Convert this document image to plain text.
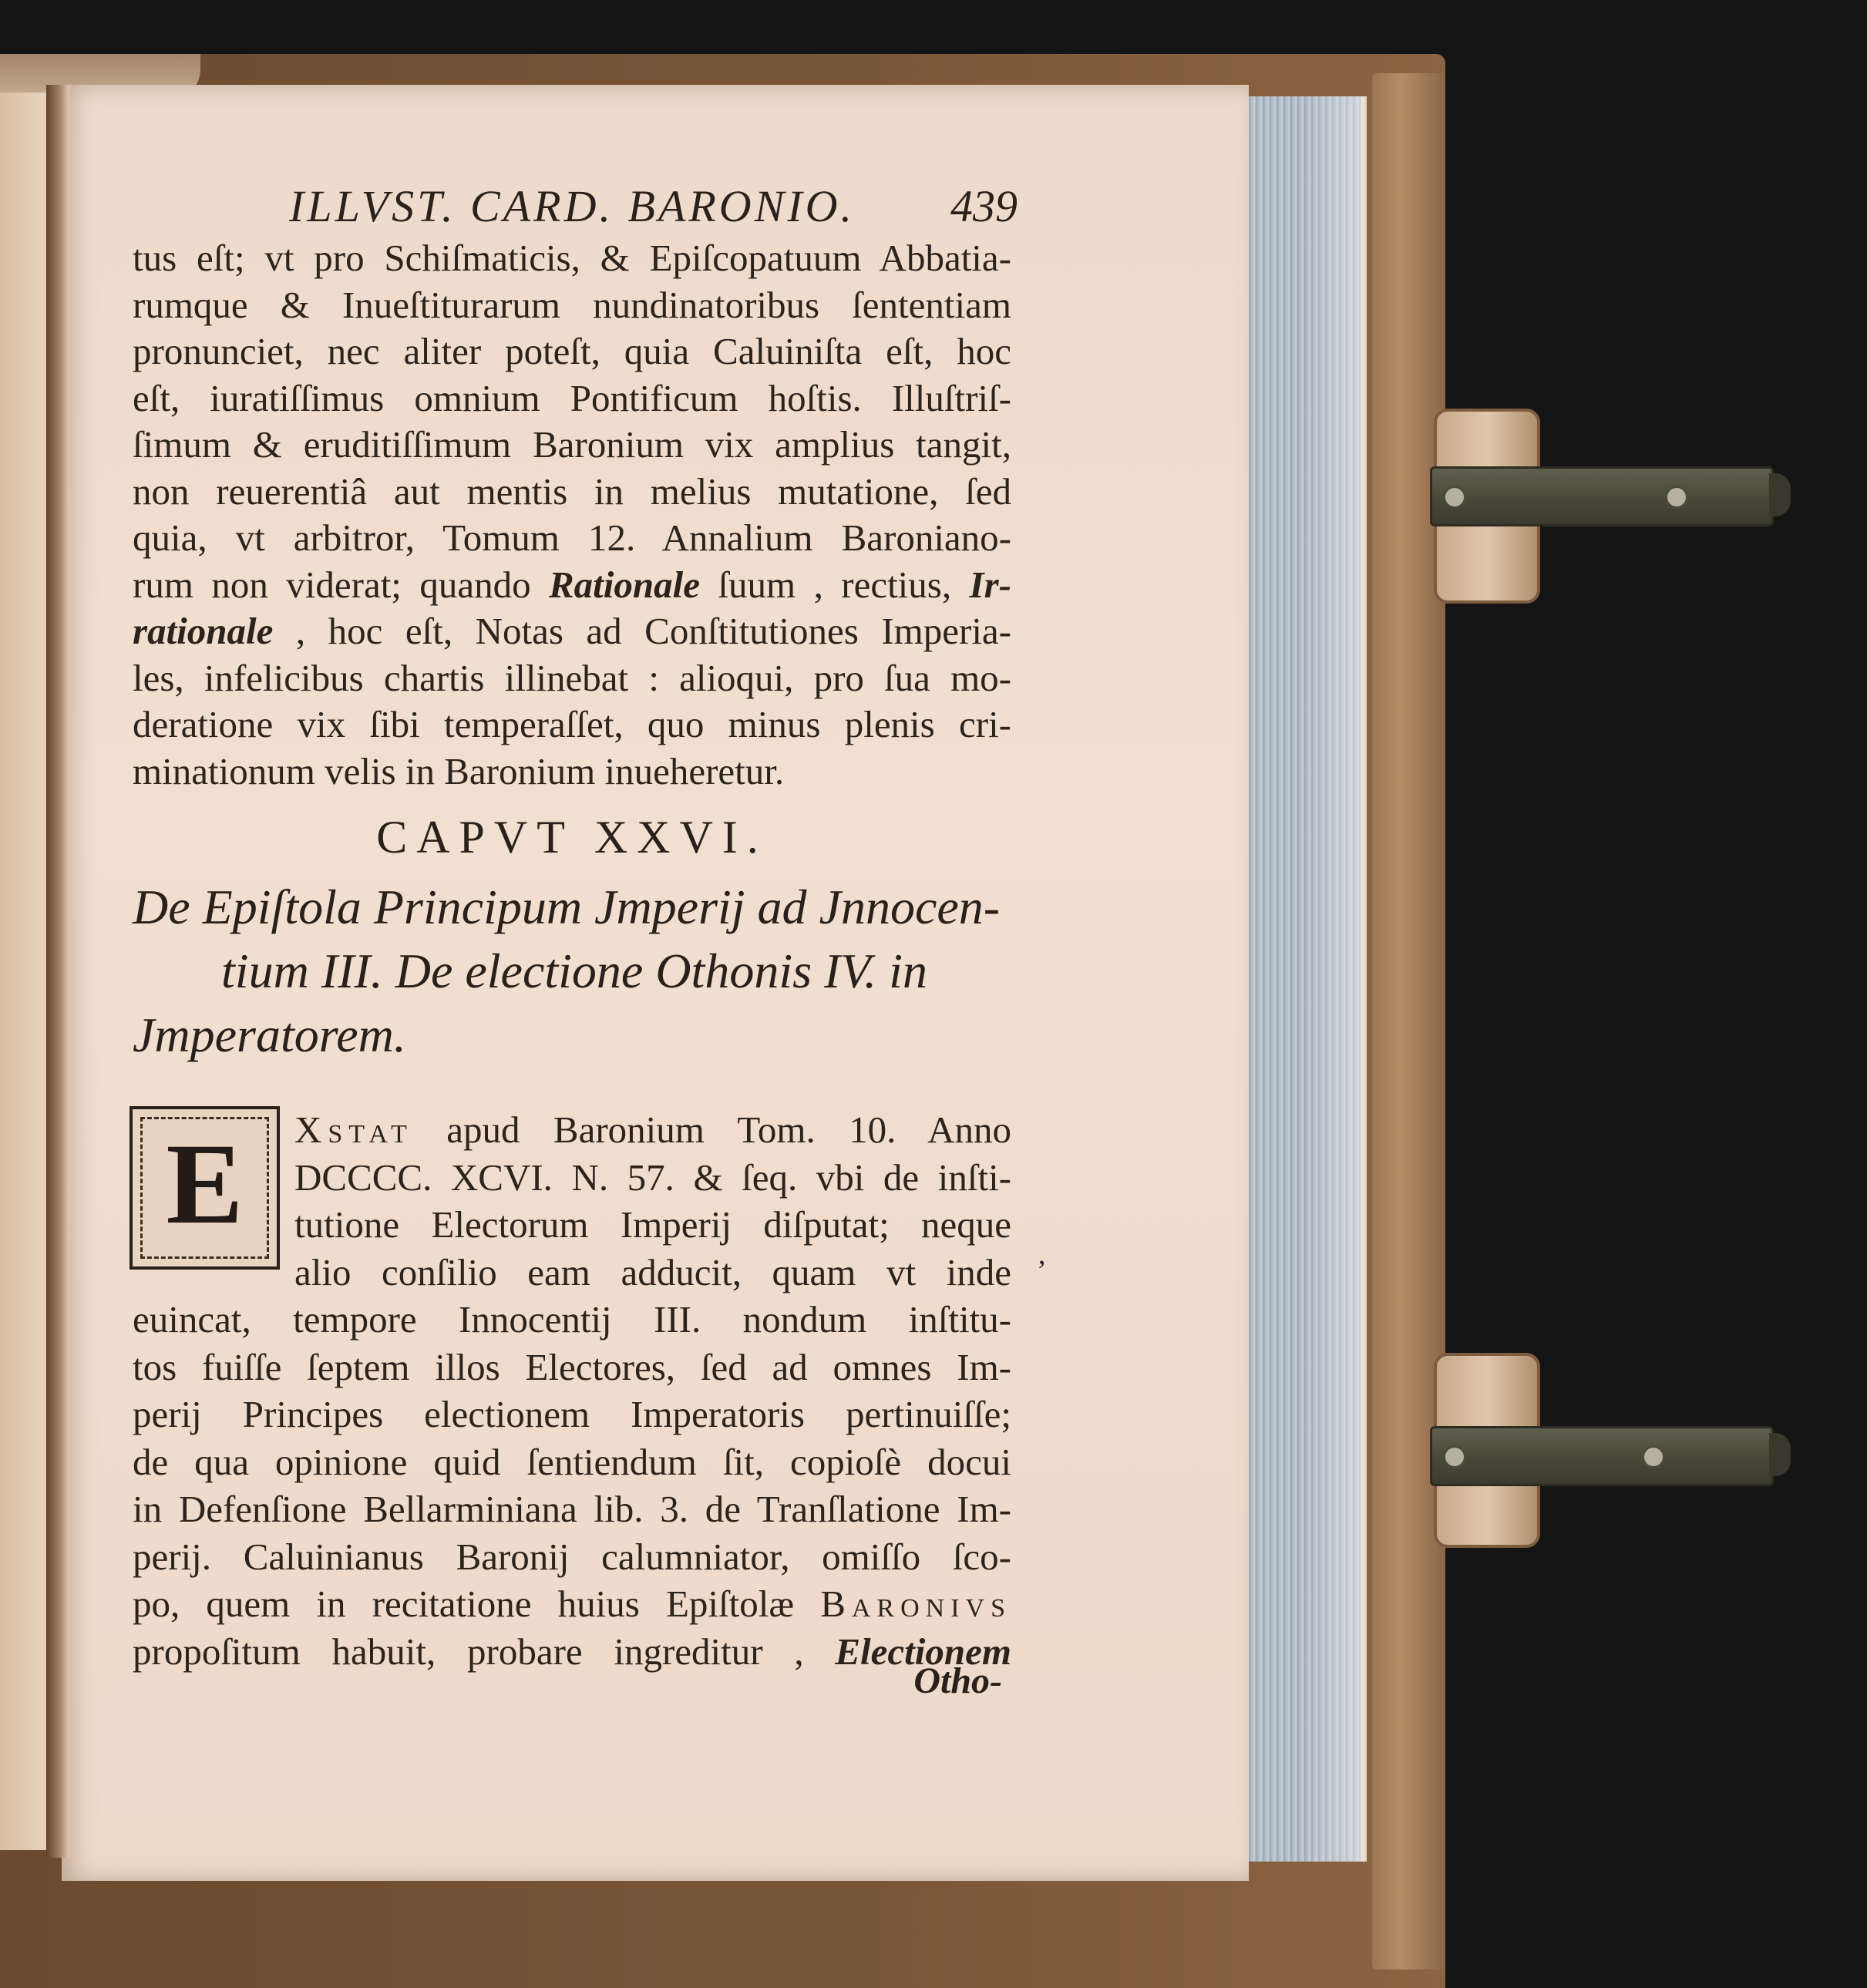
ILLVST. CARD. BARONIO.	439
tus eſt; vt pro Schiſmaticis, & Epiſcopatuum Abbatia-
rumque & Inueſtiturarum nundinatoribus ſententiam
pronunciet, nec aliter poteſt, quia Caluiniſta eſt, hoc
eſt, iuratiſſimus omnium Pontificum hoſtis. Illuſtriſ-
ſimum & eruditiſſimum Baronium vix amplius tangit,
non reuerentiâ aut mentis in melius mutatione, ſed
quia, vt arbitror, Tomum 12. Annalium Baroniano-
rum non viderat; quando Rationale ſuum , rectius, Ir-
rationale , hoc eſt, Notas ad Conſtitutiones Imperia-
les, infelicibus chartis illinebat : alioqui, pro ſua mo-
deratione vix ſibi temperaſſet, quo minus plenis cri-
minationum velis in Baronium inueheretur.
CAPVT XXVI.
De Epiſtola Principum Jmperij ad Jnnocen-
tium III. De electione Othonis IV. in
Jmperatorem.
E	Xstat apud Baronium Tom. 10. Anno
DCCCC. XCVI. N. 57. & ſeq. vbi de inſti-
tutione Electorum Imperij diſputat; neque
alio conſilio eam adducit, quam vt inde
euincat, tempore Innocentij III. nondum inſtitu-
tos fuiſſe ſeptem illos Electores, ſed ad omnes Im-
perij Principes electionem Imperatoris pertinuiſſe;
de qua opinione quid ſentiendum ſit, copioſè docui
in Defenſione Bellarminiana lib. 3. de Tranſlatione Im-
perij. Caluinianus Baronij calumniator, omiſſo ſco-
po, quem in recitatione huius Epiſtolæ Baronivs
propoſitum habuit, probare ingreditur , Electionem
ʼ
Otho-
